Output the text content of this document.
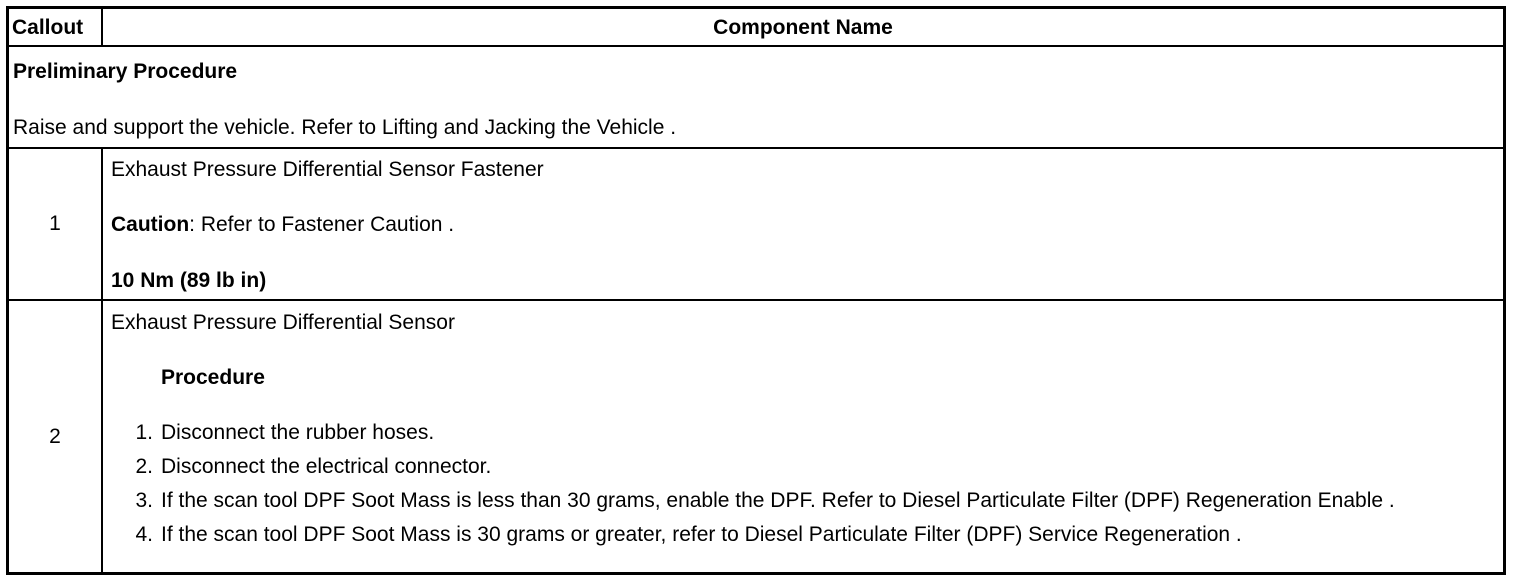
Callout	Component Name
Preliminary Procedure
Raise and support the vehicle. Refer to Lifting and Jacking the Vehicle .
1
Exhaust Pressure Differential Sensor Fastener
Caution: Refer to Fastener Caution .
10 Nm (89 lb in)
2
Exhaust Pressure Differential Sensor
Procedure
1. Disconnect the rubber hoses.
2. Disconnect the electrical connector.
3. If the scan tool DPF Soot Mass is less than 30 grams, enable the DPF. Refer to Diesel Particulate Filter (DPF) Regeneration Enable .
4. If the scan tool DPF Soot Mass is 30 grams or greater, refer to Diesel Particulate Filter (DPF) Service Regeneration .
